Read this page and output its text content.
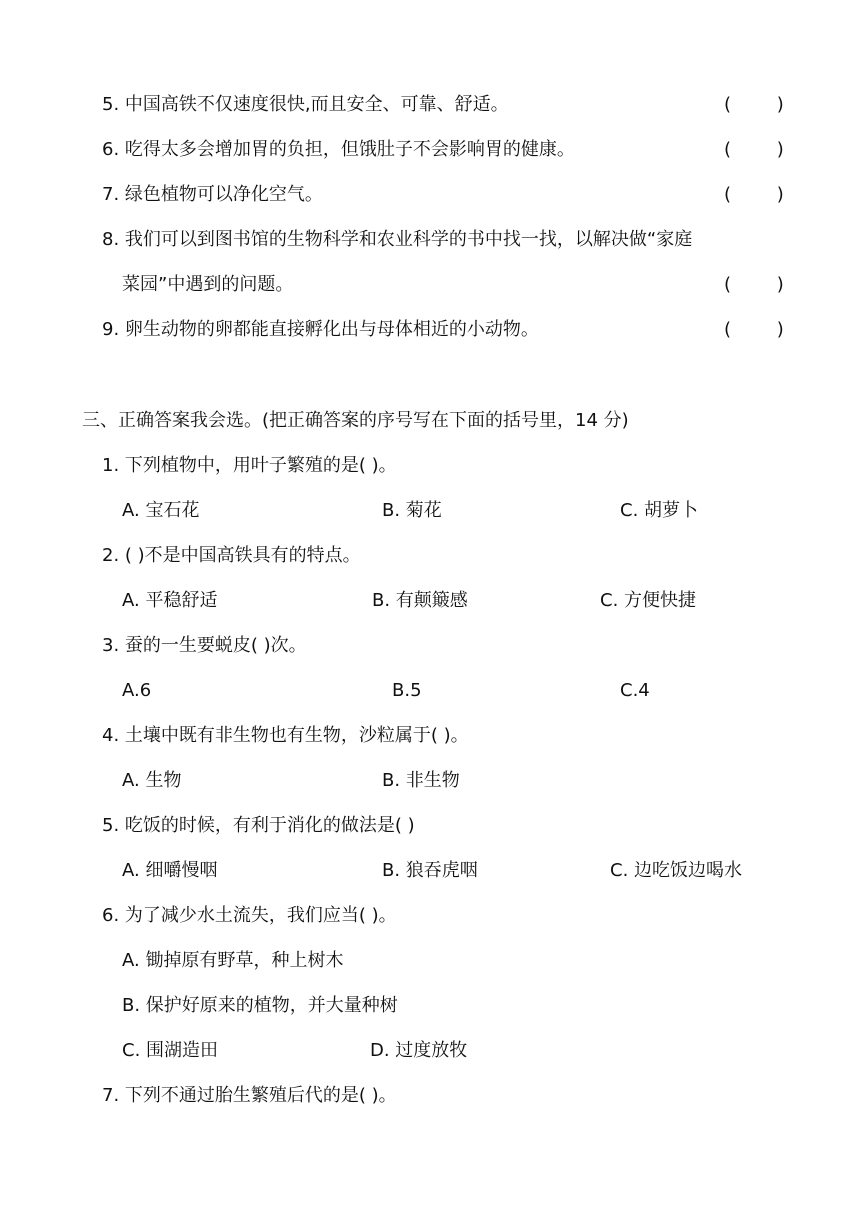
5. 中国高铁不仅速度很快,而且安全、可靠、舒适。	(        )
6. 吃得太多会增加胃的负担，但饿肚子不会影响胃的健康。	(        )
7. 绿色植物可以净化空气。	(        )
8. 我们可以到图书馆的生物科学和农业科学的书中找一找，以解决做“家庭
菜园”中遇到的问题。	(        )
9. 卵生动物的卵都能直接孵化出与母体相近的小动物。	(        )
三、正确答案我会选。(把正确答案的序号写在下面的括号里，14 分)
1. 下列植物中，用叶子繁殖的是( )。
A. 宝石花	B. 菊花	C. 胡萝卜
2. ( )不是中国高铁具有的特点。
A. 平稳舒适	B. 有颠簸感	C. 方便快捷
3. 蚕的一生要蜕皮( )次。
A.6	B.5	C.4
4. 土壤中既有非生物也有生物，沙粒属于( )。
A. 生物	B. 非生物
5. 吃饭的时候，有利于消化的做法是( )
A. 细嚼慢咽	B. 狼吞虎咽	C. 边吃饭边喝水
6. 为了减少水土流失，我们应当( )。
A. 锄掉原有野草，种上树木
B. 保护好原来的植物，并大量种树
C. 围湖造田	D. 过度放牧
7. 下列不通过胎生繁殖后代的是( )。
